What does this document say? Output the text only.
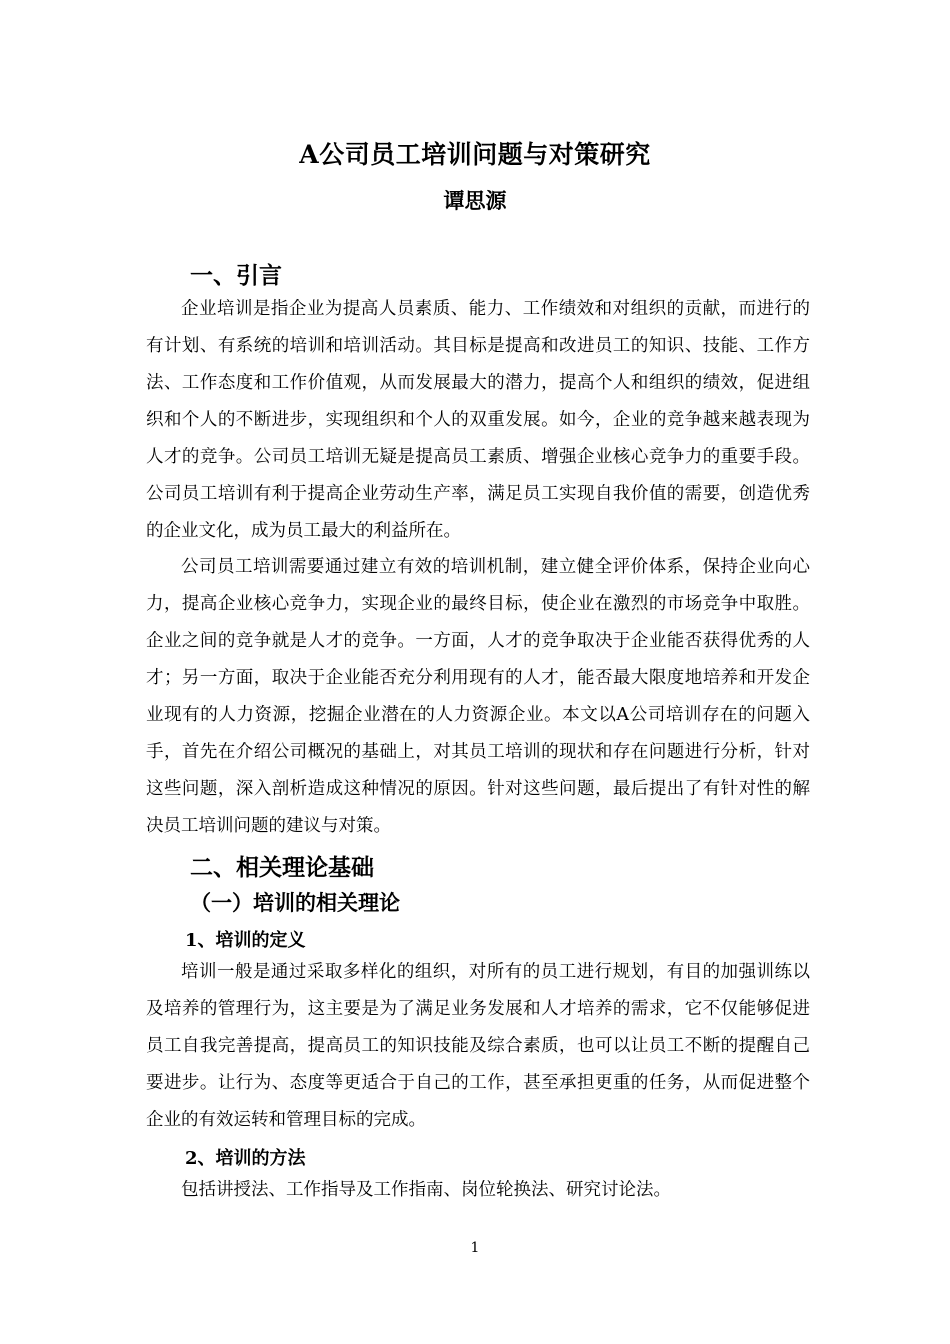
A公司员工培训问题与对策研究
谭思源
一、引言

企业培训是指企业为提高人员素质、能力、工作绩效和对组织的贡献，而进行的有计划、有系统的培训和培训活动。其目标是提高和改进员工的知识、技能、工作方法、工作态度和工作价值观，从而发展最大的潜力，提高个人和组织的绩效，促进组织和个人的不断进步，实现组织和个人的双重发展。如今，企业的竞争越来越表现为人才的竞争。公司员工培训无疑是提高员工素质、增强企业核心竞争力的重要手段。公司员工培训有利于提高企业劳动生产率，满足员工实现自我价值的需要，创造优秀的企业文化，成为员工最大的利益所在。

公司员工培训需要通过建立有效的培训机制，建立健全评价体系，保持企业向心力，提高企业核心竞争力，实现企业的最终目标，使企业在激烈的市场竞争中取胜。企业之间的竞争就是人才的竞争。一方面，人才的竞争取决于企业能否获得优秀的人才；另一方面，取决于企业能否充分利用现有的人才，能否最大限度地培养和开发企业现有的人力资源，挖掘企业潜在的人力资源企业。本文以A公司培训存在的问题入手，首先在介绍公司概况的基础上，对其员工培训的现状和存在问题进行分析，针对这些问题，深入剖析造成这种情况的原因。针对这些问题，最后提出了有针对性的解决员工培训问题的建议与对策。

二、相关理论基础
（一）培训的相关理论
1、培训的定义

培训一般是通过采取多样化的组织，对所有的员工进行规划，有目的加强训练以及培养的管理行为，这主要是为了满足业务发展和人才培养的需求，它不仅能够促进员工自我完善提高，提高员工的知识技能及综合素质，也可以让员工不断的提醒自己要进步。让行为、态度等更适合于自己的工作，甚至承担更重的任务，从而促进整个企业的有效运转和管理目标的完成。

2、培训的方法

包括讲授法、工作指导及工作指南、岗位轮换法、研究讨论法。

1
